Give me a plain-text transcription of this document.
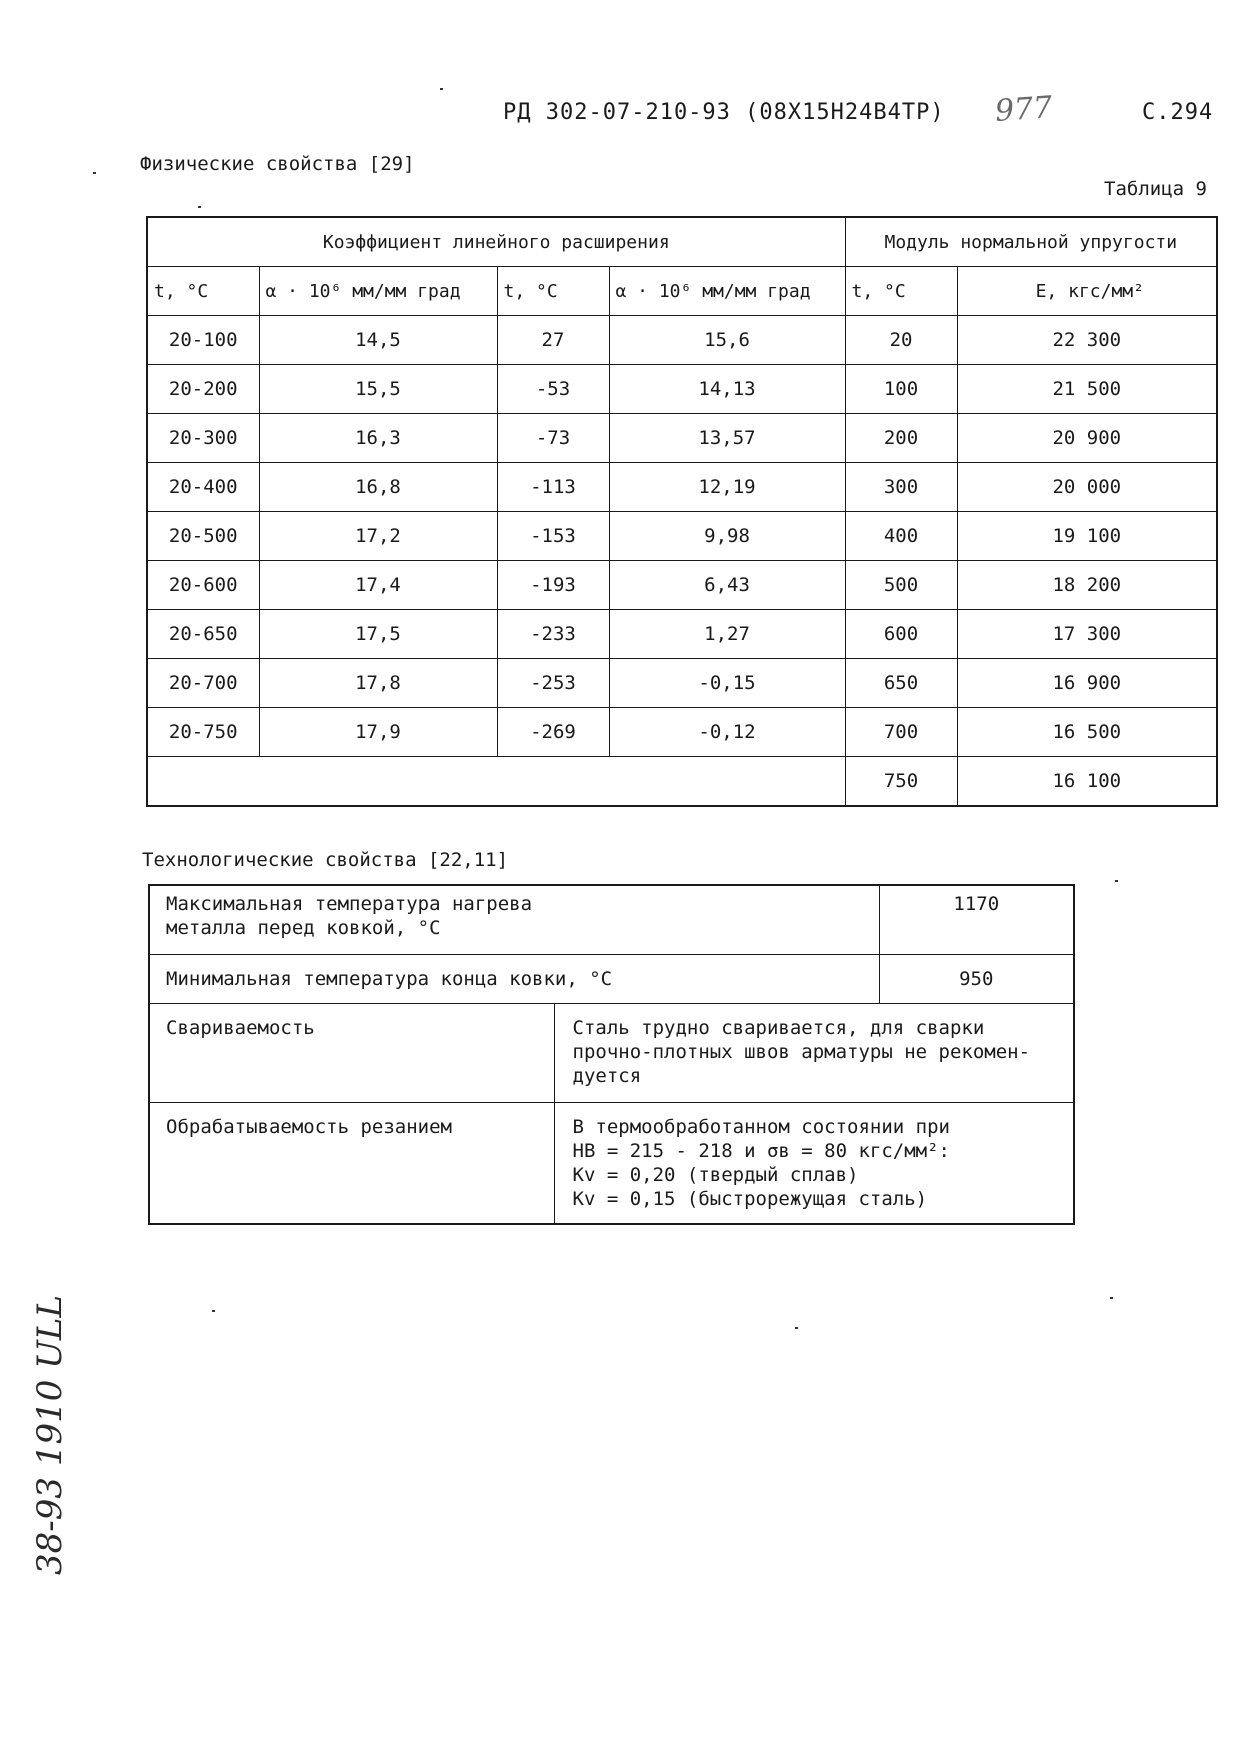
РД 302-07-210-93 (08Х15Н24В4ТР) 977	С.294
Физические свойства [29]
Таблица 9
Коэффициент линейного расширения				Модуль нормальной упругости	
t, °C	α · 10⁶ мм/мм град	t, °C	α · 10⁶ мм/мм град	t, °C	E, кгс/мм²
20-100	14,5	27	15,6	20	22 300
20-200	15,5	-53	14,13	100	21 500
20-300	16,3	-73	13,57	200	20 900
20-400	16,8	-113	12,19	300	20 000
20-500	17,2	-153	9,98	400	19 100
20-600	17,4	-193	6,43	500	18 200
20-650	17,5	-233	1,27	600	17 300
20-700	17,8	-253	-0,15	650	16 900
20-750	17,9	-269	-0,12	700	16 500
				750	16 100
Технологические свойства [22,11]
Максимальная температура нагрева
металла перед ковкой, °C		1170
Минимальная температура конца ковки, °C		950
Свариваемость	Сталь трудно сваривается, для сварки
прочно-плотных швов арматуры не рекомен-
дуется	

Обрабатываемость резанием	В термообработанном состоянии при
НВ = 215 - 218 и σв = 80 кгс/мм²:
Kv = 0,20 (твердый сплав)
Kv = 0,15 (быстрорежущая сталь)	
38-93 1910 ULL
